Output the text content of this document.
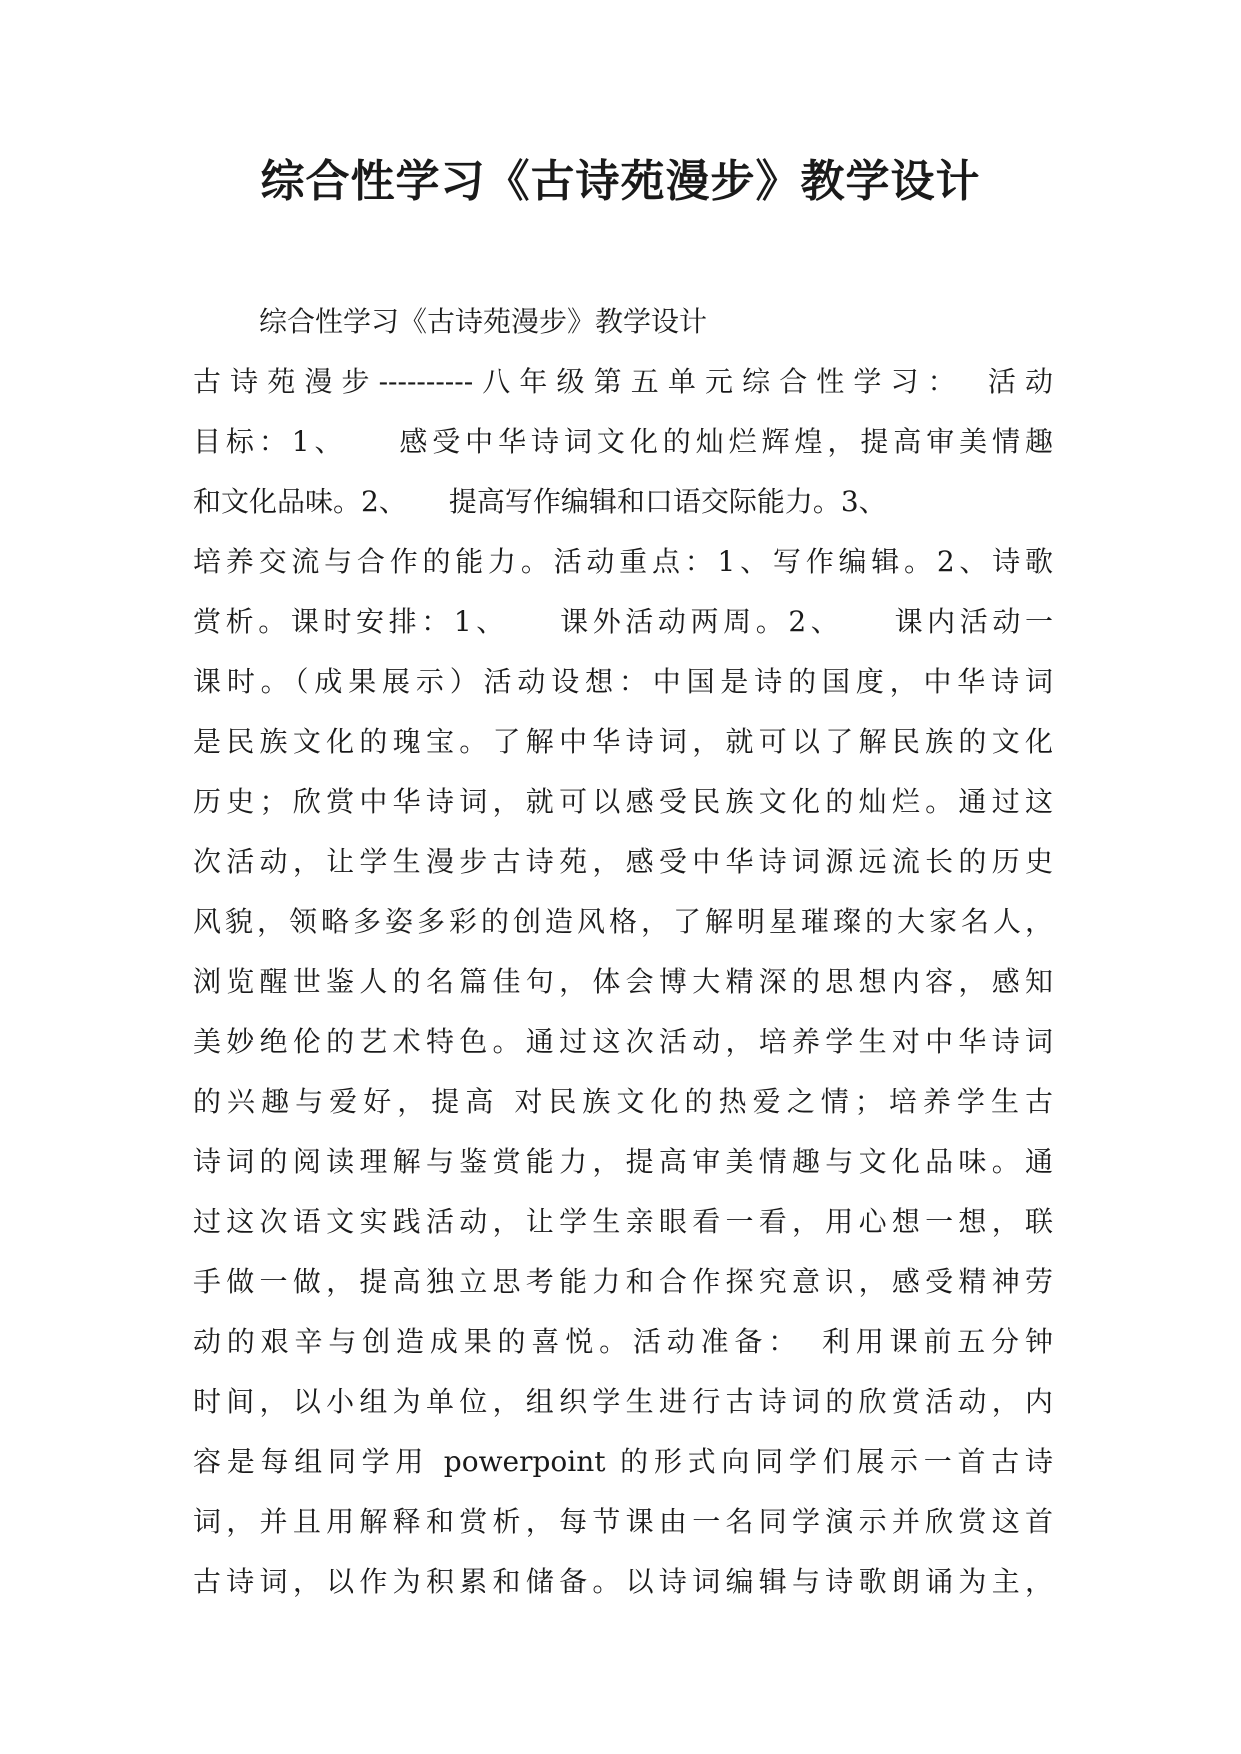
综合性学习《古诗苑漫步》教学设计
综合性学习《古诗苑漫步》教学设计
古诗苑漫步----------八年级第五单元综合性学习：　活动
目标：1、　　感受中华诗词文化的灿烂辉煌，提高审美情趣
和文化品味。2、　　提高写作编辑和口语交际能力。3、
培养交流与合作的能力。活动重点：1、写作编辑。2、诗歌
赏析。课时安排：1、　　课外活动两周。2、　　课内活动一
课时。（成果展示）活动设想：中国是诗的国度，中华诗词
是民族文化的瑰宝。了解中华诗词，就可以了解民族的文化
历史；欣赏中华诗词，就可以感受民族文化的灿烂。通过这
次活动，让学生漫步古诗苑，感受中华诗词源远流长的历史
风貌，领略多姿多彩的创造风格，了解明星璀璨的大家名人，
浏览醒世鉴人的名篇佳句，体会博大精深的思想内容，感知
美妙绝伦的艺术特色。通过这次活动，培养学生对中华诗词
的兴趣与爱好，提高 对民族文化的热爱之情；培养学生古
诗词的阅读理解与鉴赏能力，提高审美情趣与文化品味。通
过这次语文实践活动，让学生亲眼看一看，用心想一想，联
手做一做，提高独立思考能力和合作探究意识，感受精神劳
动的艰辛与创造成果的喜悦。活动准备：　利用课前五分钟
时间，以小组为单位，组织学生进行古诗词的欣赏活动，内
容是每组同学用 powerpoint 的形式向同学们展示一首古诗
词，并且用解释和赏析，每节课由一名同学演示并欣赏这首
古诗词，以作为积累和储备。以诗词编辑与诗歌朗诵为主，
